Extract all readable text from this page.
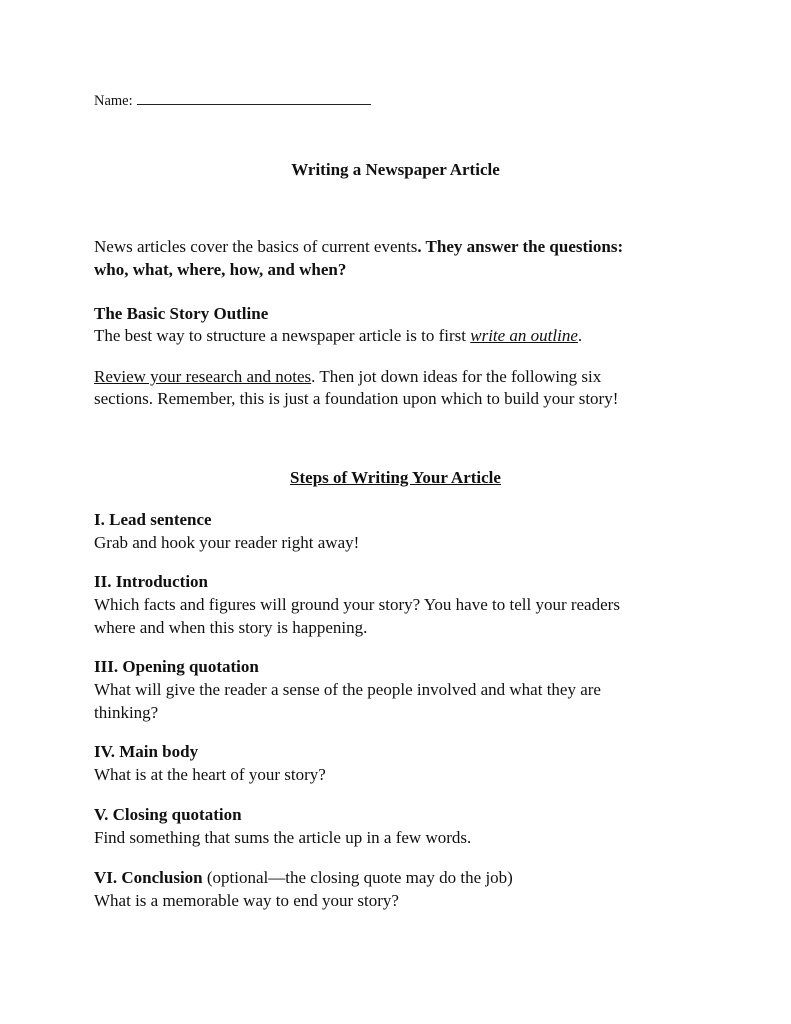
Name:
Writing a Newspaper Article
News articles cover the basics of current events. They answer the questions:
who, what, where, how, and when?
The Basic Story Outline
The best way to structure a newspaper article is to first write an outline.
Review your research and notes. Then jot down ideas for the following six
sections. Remember, this is just a foundation upon which to build your story!
Steps of Writing Your Article
I. Lead sentence
Grab and hook your reader right away!
II. Introduction
Which facts and figures will ground your story? You have to tell your readers
where and when this story is happening.
III. Opening quotation
What will give the reader a sense of the people involved and what they are
thinking?
IV. Main body
What is at the heart of your story?
V. Closing quotation
Find something that sums the article up in a few words.
VI. Conclusion (optional—the closing quote may do the job)
What is a memorable way to end your story?
